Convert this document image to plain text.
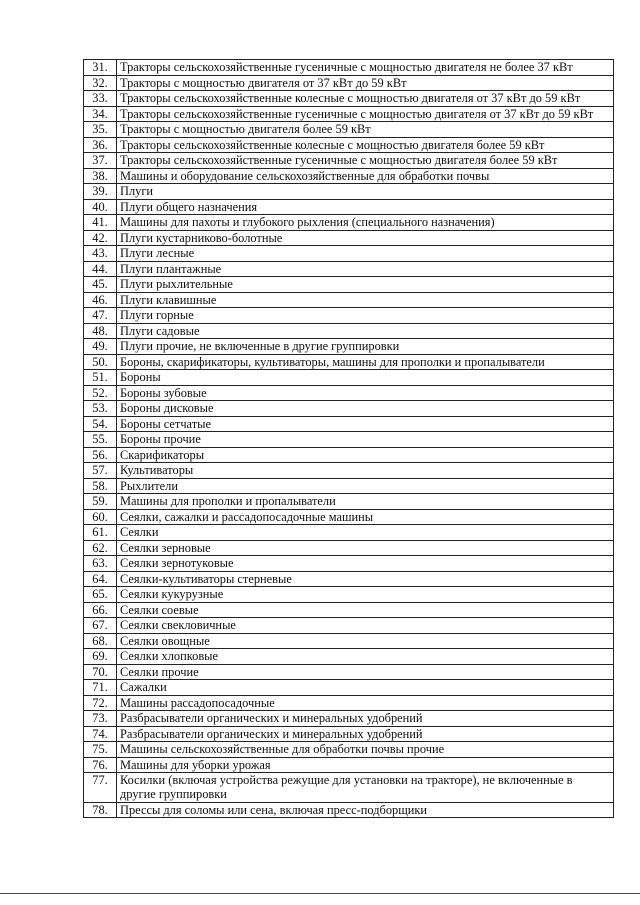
31.	Тракторы сельскохозяйственные гусеничные с мощностью двигателя не более 37 кВт
32.	Тракторы с мощностью двигателя от 37 кВт до 59 кВт
33.	Тракторы сельскохозяйственные колесные с мощностью двигателя от 37 кВт до 59 кВт
34.	Тракторы сельскохозяйственные гусеничные с мощностью двигателя от 37 кВт до 59 кВт
35.	Тракторы с мощностью двигателя более 59 кВт
36.	Тракторы сельскохозяйственные колесные с мощностью двигателя более 59 кВт
37.	Тракторы сельскохозяйственные гусеничные с мощностью двигателя более 59 кВт
38.	Машины и оборудование сельскохозяйственные для обработки почвы
39.	Плуги
40.	Плуги общего назначения
41.	Машины для пахоты и глубокого рыхления (специального назначения)
42.	Плуги кустарниково-болотные
43.	Плуги лесные
44.	Плуги плантажные
45.	Плуги рыхлительные
46.	Плуги клавишные
47.	Плуги горные
48.	Плуги садовые
49.	Плуги прочие, не включенные в другие группировки
50.	Бороны, скарификаторы, культиваторы, машины для прополки и пропалыватели
51.	Бороны
52.	Бороны зубовые
53.	Бороны дисковые
54.	Бороны сетчатые
55.	Бороны прочие
56.	Скарификаторы
57.	Культиваторы
58.	Рыхлители
59.	Машины для прополки и пропалыватели
60.	Сеялки, сажалки и рассадопосадочные машины
61.	Сеялки
62.	Сеялки зерновые
63.	Сеялки зернотуковые
64.	Сеялки-культиваторы стерневые
65.	Сеялки кукурузные
66.	Сеялки соевые
67.	Сеялки свекловичные
68.	Сеялки овощные
69.	Сеялки хлопковые
70.	Сеялки прочие
71.	Сажалки
72.	Машины рассадопосадочные
73.	Разбрасыватели органических и минеральных удобрений
74.	Разбрасыватели органических и минеральных удобрений
75.	Машины сельскохозяйственные для обработки почвы прочие
76.	Машины для уборки урожая
77.	Косилки (включая устройства режущие для установки на тракторе), не включенные в другие группировки
78.	Прессы для соломы или сена, включая пресс-подборщики
